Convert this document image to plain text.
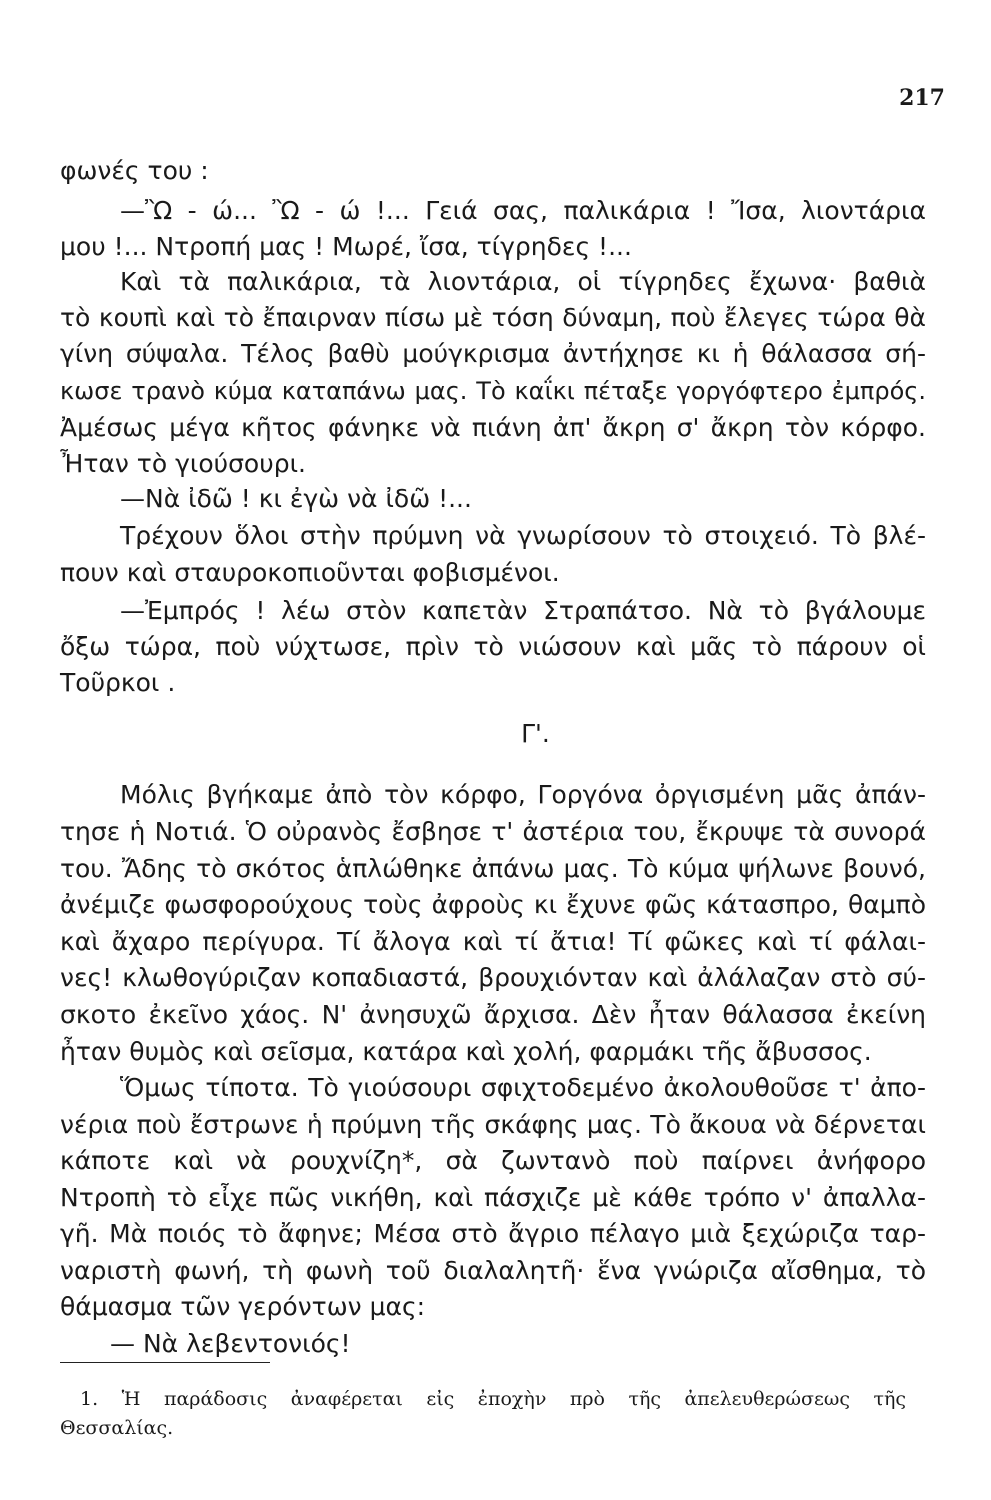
217
φωνές του :
—Ὢ - ώ... Ὢ - ώ !... Γειά σας, παλικάρια ! Ἴσα, λιοντάρια
μου !... Ντροπή μας ! Μωρέ, ἴσα, τίγρηδες !...
Καὶ τὰ παλικάρια, τὰ λιοντάρια, οἱ τίγρηδες ἔχωνα· βαθιὰ
τὸ κουπὶ καὶ τὸ ἔπαιρναν πίσω μὲ τόση δύναμη, ποὺ ἔλεγες τώρα θὰ
γίνη σύψαλα. Τέλος βαθὺ μούγκρισμα ἀντήχησε κι ἡ θάλασσα σή-
κωσε τρανὸ κύμα καταπάνω μας. Τὸ καΐκι πέταξε γοργόφτερο ἐμπρός.
Ἀμέσως μέγα κῆτος φάνηκε νὰ πιάνη ἀπ' ἄκρη σ' ἄκρη τὸν κόρφο.
Ἦταν τὸ γιούσουρι.
—Νὰ ἰδῶ ! κι ἐγὼ νὰ ἰδῶ !...
Τρέχουν ὅλοι στὴν πρύμνη νὰ γνωρίσουν τὸ στοιχειό. Τὸ βλέ-
πουν καὶ σταυροκοπιοῦνται φοβισμένοι.
—Ἐμπρός ! λέω στὸν καπετὰν Στραπάτσο. Νὰ τὸ βγάλουμε
ὄξω τώρα, ποὺ νύχτωσε, πρὶν τὸ νιώσουν καὶ μᾶς τὸ πάρουν οἱ
Τοῦρκοι .
Γ'.
Μόλις βγήκαμε ἀπὸ τὸν κόρφο, Γοργόνα ὀργισμένη μᾶς ἀπάν-
τησε ἡ Νοτιά. Ὁ οὐρανὸς ἔσβησε τ' ἀστέρια του, ἔκρυψε τὰ συνορά
του. Ἄδης τὸ σκότος ἁπλώθηκε ἀπάνω μας. Τὸ κύμα ψήλωνε βουνό,
ἀνέμιζε φωσφορούχους τοὺς ἀφροὺς κι ἔχυνε φῶς κάτασπρο, θαμπὸ
καὶ ἄχαρο περίγυρα. Τί ἄλογα καὶ τί ἄτια! Τί φῶκες καὶ τί φάλαι-
νες! κλωθογύριζαν κοπαδιαστά, βρουχιόνταν καὶ ἀλάλαζαν στὸ σύ-
σκοτο ἐκεῖνο χάος. Ν' ἀνησυχῶ ἄρχισα. Δὲν ἦταν θάλασσα ἐκείνη
ἦταν θυμὸς καὶ σεῖσμα, κατάρα καὶ χολή, φαρμάκι τῆς ἄβυσσος.
Ὅμως τίποτα. Τὸ γιούσουρι σφιχτοδεμένο ἀκολουθοῦσε τ' ἀπο-
νέρια ποὺ ἔστρωνε ἡ πρύμνη τῆς σκάφης μας. Τὸ ἄκουα νὰ δέρνεται
κάποτε καὶ νὰ ρουχνίζη*, σὰ ζωντανὸ ποὺ παίρνει ἀνήφορο
Ντροπὴ τὸ εἶχε πῶς νικήθη, καὶ πάσχιζε μὲ κάθε τρόπο ν' ἀπαλλα-
γῆ. Μὰ ποιός τὸ ἄφηνε; Μέσα στὸ ἄγριο πέλαγο μιὰ ξεχώριζα ταρ-
ναριστὴ φωνή, τὴ φωνὴ τοῦ διαλαλητῆ· ἕνα γνώριζα αἴσθημα, τὸ
θάμασμα τῶν γερόντων μας:
— Νὰ λεβεντονιός!
1. Ἡ παράδοσις ἀναφέρεται εἰς ἐποχὴν πρὸ τῆς ἀπελευθερώσεως τῆς
Θεσσαλίας.
